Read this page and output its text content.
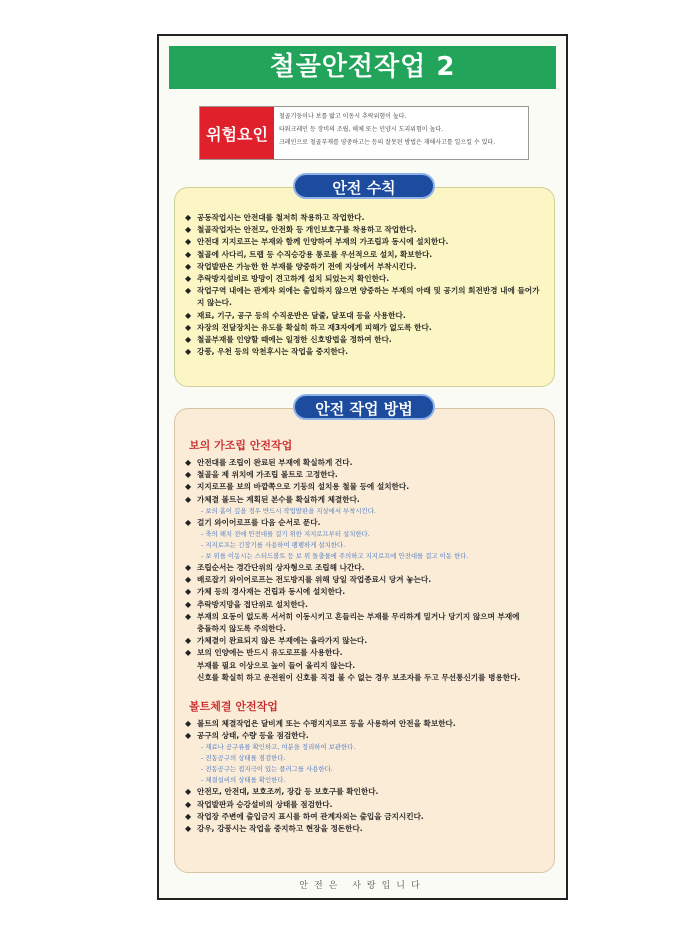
철골안전작업 2
위험요인
철골기둥이나 보를 밟고 이동시 추락위험이 높다.
타워크레인 등 장비의 조립, 해체 또는 인양시 도괴위험이 높다.
크레인으로 철골부재를 양중하고는 등의 잘못된 방법은 재해사고를 일으킬 수 있다.
◆ 공동작업시는 안전대를 철저히 착용하고 작업한다.
◆ 철골작업자는 안전모, 안전화 등 개인보호구를 착용하고 작업한다.
◆ 안전대 지지로프는 부재와 함께 인양하여 부재의 가조립과 동시에 설치한다.
◆ 철골에 사다리, 트랩 등 수직승강용 통로를 우선적으로 설치, 확보한다.
◆ 작업발판은 가능한 한 부재를 양중하기 전에 지상에서 부착시킨다.
◆ 추락방지설비로 방망이 견고하게 설치 되었는지 확인한다.
◆ 작업구역 내에는 관계자 외에는 출입하지 않으면 양중하는 부재의 아래 및 공기의 회전반경 내에 들어가지 않는다.
◆ 재료, 기구, 공구 등의 수직운반은 달줄, 달포대 등을 사용한다.
◆ 자장의 전달장치는 유도를 확실히 하고 재3자에게 피해가 없도록 한다.
◆ 철골부재를 인양할 때에는 일정한 신호방법을 정하여 한다.
◆ 강풍, 우천 등의 악천후시는 작업을 중지한다.
안전 수칙
보의 가조립 안전작업
◆ 안전대를 조립이 완료된 부재에 확실하게 건다.
◆ 철골을 제 위치에 가조립 볼트로 고정한다.
◆ 지지로프를 보의 바깥쪽으로 기둥의 설치용 철물 등에 설치한다.
◆ 가체결 볼트는 계획된 본수를 확실하게 체결한다.
- 보의 홈이 깊을 경우 반드시 작업발판을 지상에서 부착시킨다.
◆ 걸기 와이어로프를 다음 순서로 푼다.
- 축의 해치 전에 안전대를 걸기 위한 지지로프부터 설치한다.
- 지지로프는 긴장기를 사용하여 팽팽하게 설치한다.
- 보 위를 이동시는 스터드볼트 등 보 위 돌출물에 주의하고 지지로프에 안전대를 걸고 이동 한다.
◆ 조립순서는 경간단위의 상자형으로 조립해 나간다.
◆ 배로잡기 와이어로프는 전도방지를 위해 당일 작업종료시 당겨 놓는다.
◆ 가체 등의 경사재는 건립과 동시에 설치한다.
◆ 추락방지망을 접단위로 설치한다.
◆ 부재의 요동이 없도록 서서히 이동시키고 흔들리는 부재를 무리하게 밀거나 당기지 않으며 부재에
충돌하지 않도록 주의한다.
◆ 가체결이 완료되지 않은 부재에는 올라가지 않는다.
◆ 보의 인양에는 반드시 유도로프를 사용한다.
부재를 필요 이상으로 높이 들어 올리지 않는다.
신호를 확실히 하고 운전원이 신호를 직접 볼 수 없는 경우 보조자를 두고 무선통신기를 병용한다.
볼트체결 안전작업
◆ 볼트의 체결작업은 달비계 또는 수평지지로프 등을 사용하여 안전을 확보한다.
◆ 공구의 상태, 수량 등을 점검한다.
- 재료나 공구류를 확인하고, 여분을 정리하여 보관한다.
- 전동공구의 상태를 점검한다.
- 전동공구는 접지극이 있는 플러그를 사용한다.
- 체결설비의 상태를 확인한다.
◆ 안전모, 안전대, 보호조끼, 장갑 등 보호구를 확인한다.
◆ 작업발판과 승강설비의 상태를 점검한다.
◆ 작업장 주변에 출입금지 표시를 하여 관계자외는 출입을 금지시킨다.
◆ 강우, 강풍시는 작업을 중지하고 현장을 정돈한다.
안전 작업 방법
안전은 사랑입니다
